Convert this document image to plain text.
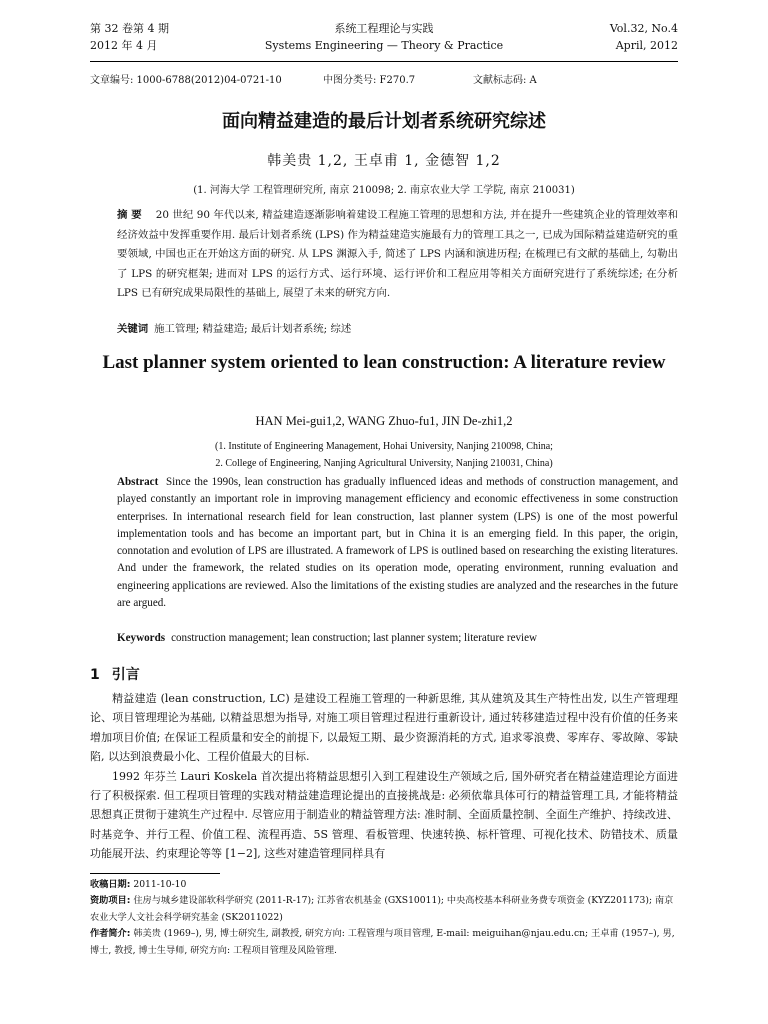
第 32 卷第 4 期
2012 年 4 月
系统工程理论与实践
Systems Engineering — Theory & Practice
Vol.32, No.4
April, 2012
文章编号: 1000-6788(2012)04-0721-10	中图分类号: F270.7	文献标志码: A
面向精益建造的最后计划者系统研究综述
韩美贵 1,2, 王卓甫 1, 金德智 1,2
(1. 河海大学 工程管理研究所, 南京 210098; 2. 南京农业大学 工学院, 南京 210031)
摘 要 20 世纪 90 年代以来, 精益建造逐渐影响着建设工程施工管理的思想和方法, 并在提升一些建筑企业的管理效率和经济效益中发挥重要作用. 最后计划者系统 (LPS) 作为精益建造实施最有力的管理工具之一, 已成为国际精益建造研究的重要领域, 中国也正在开始这方面的研究. 从 LPS 渊源入手, 简述了 LPS 内涵和演进历程; 在梳理已有文献的基础上, 勾勒出了 LPS 的研究框架; 进而对 LPS 的运行方式、运行环境、运行评价和工程应用等相关方面研究进行了系统综述; 在分析 LPS 已有研究成果局限性的基础上, 展望了未来的研究方向.
关键词 施工管理; 精益建造; 最后计划者系统; 综述
Last planner system oriented to lean construction: A literature review
HAN Mei-gui1,2, WANG Zhuo-fu1, JIN De-zhi1,2
(1. Institute of Engineering Management, Hohai University, Nanjing 210098, China;
2. College of Engineering, Nanjing Agricultural University, Nanjing 210031, China)
Abstract Since the 1990s, lean construction has gradually influenced ideas and methods of construction management, and played constantly an important role in improving management efficiency and economic effectiveness in some construction enterprises. In international research field for lean construction, last planner system (LPS) is one of the most powerful implementation tools and has become an important part, but in China it is an emerging field. In this paper, the origin, connotation and evolution of LPS are illustrated. A framework of LPS is outlined based on researching the existing literatures. And under the framework, the related studies on its operation mode, operating environment, running evaluation and engineering applications are reviewed. Also the limitations of the existing studies are analyzed and the researches in the future are argued.
Keywords construction management; lean construction; last planner system; literature review
1 引言

精益建造 (lean construction, LC) 是建设工程施工管理的一种新思维, 其从建筑及其生产特性出发, 以生产管理理论、项目管理理论为基础, 以精益思想为指导, 对施工项目管理过程进行重新设计, 通过转移建造过程中没有价值的任务来增加项目价值; 在保证工程质量和安全的前提下, 以最短工期、最少资源消耗的方式, 追求零浪费、零库存、零故障、零缺陷, 以达到浪费最小化、工程价值最大的目标.

1992 年芬兰 Lauri Koskela 首次提出将精益思想引入到工程建设生产领域之后, 国外研究者在精益建造理论方面进行了积极探索. 但工程项目管理的实践对精益建造理论提出的直接挑战是: 必须依靠具体可行的精益管理工具, 才能将精益思想真正贯彻于建筑生产过程中. 尽管应用于制造业的精益管理方法: 准时制、全面质量控制、全面生产维护、持续改进、时基竞争、并行工程、价值工程、流程再造、5S 管理、看板管理、快速转换、标杆管理、可视化技术、防错技术、质量功能展开法、约束理论等等 [1−2], 这些对建造管理同样具有

收稿日期: 2011-10-10

资助项目: 住房与城乡建设部软科学研究 (2011-R-17); 江苏省农机基金 (GXS10011); 中央高校基本科研业务费专项资金 (KYZ201173); 南京农业大学人文社会科学研究基金 (SK2011022)

作者简介: 韩美贵 (1969–), 男, 博士研究生, 副教授, 研究方向: 工程管理与项目管理, E-mail: meiguihan@njau.edu.cn; 王卓甫 (1957–), 男, 博士, 教授, 博士生导师, 研究方向: 工程项目管理及风险管理.
